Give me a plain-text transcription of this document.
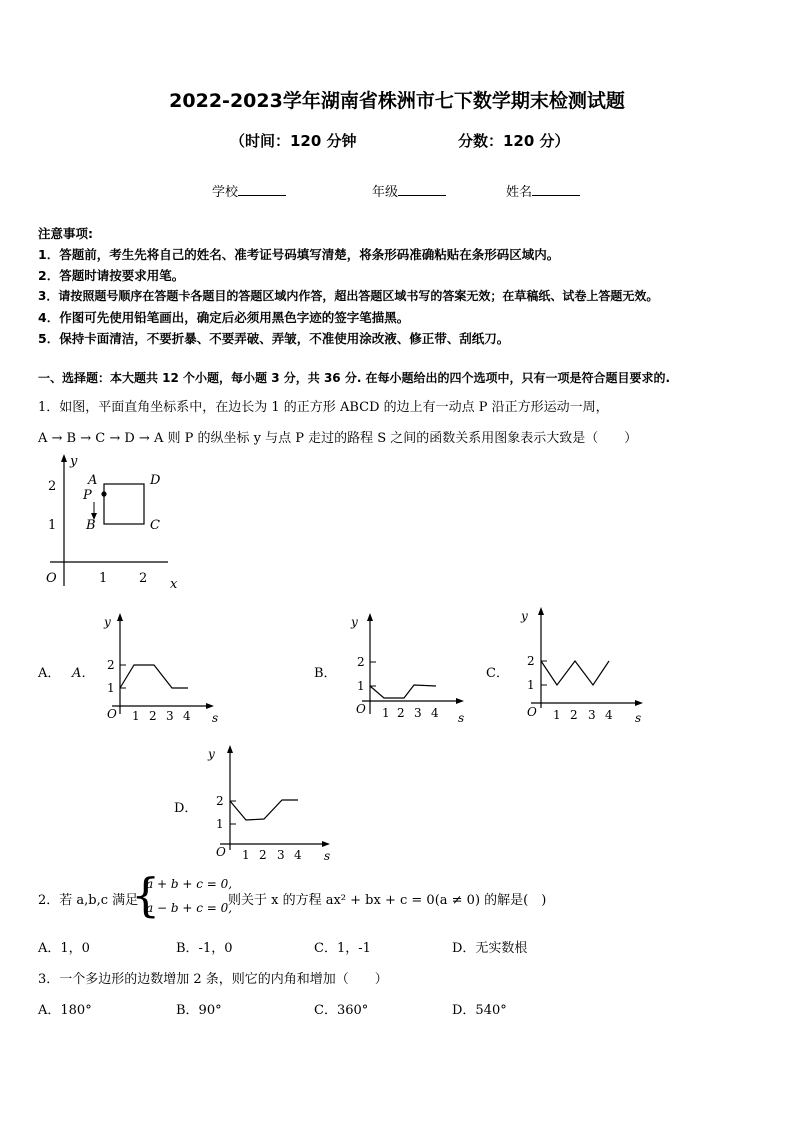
2022-2023学年湖南省株洲市七下数学期末检测试题
（时间：120 分钟	分数：120 分）
学校	年级	姓名
注意事项:
1．答题前，考生先将自己的姓名、准考证号码填写清楚，将条形码准确粘贴在条形码区域内。
2．答题时请按要求用笔。
3．请按照题号顺序在答题卡各题目的答题区域内作答，超出答题区域书写的答案无效；在草稿纸、试卷上答题无效。
4．作图可先使用铅笔画出，确定后必须用黑色字迹的签字笔描黑。
5．保持卡面清洁，不要折暴、不要弄破、弄皱，不准使用涂改液、修正带、刮纸刀。
一、选择题：本大题共 12 个小题，每小题 3 分，共 36 分. 在每小题给出的四个选项中，只有一项是符合题目要求的.
1．如图，平面直角坐标系中，在边长为 1 的正方形 ABCD 的边上有一动点 P 沿正方形运动一周，
A → B → C → D → A 则 P 的纵坐标 y 与点 P 走过的路程 S 之间的函数关系用图象表示大致是（　　）
y
x
O
2
1
1 2
A
P
B	C
D
A． A．
y
s
O
2
1
1 2 3 4
B．
y
s
O
2
1
1 2 3 4
C．
y
s
O
2
1
1 2 3 4
D．
y
s
O
2
1
1 2 3 4
2．若 a,b,c 满足
{
a + b + c = 0,
a − b + c = 0,
则关于 x 的方程 ax² + bx + c = 0(a ≠ 0) 的解是(　)
A．1，0	B．-1，0	C．1，-1	D．无实数根
3．一个多边形的边数增加 2 条，则它的内角和增加（　　）
A．180°	B．90°	C．360°	D．540°
